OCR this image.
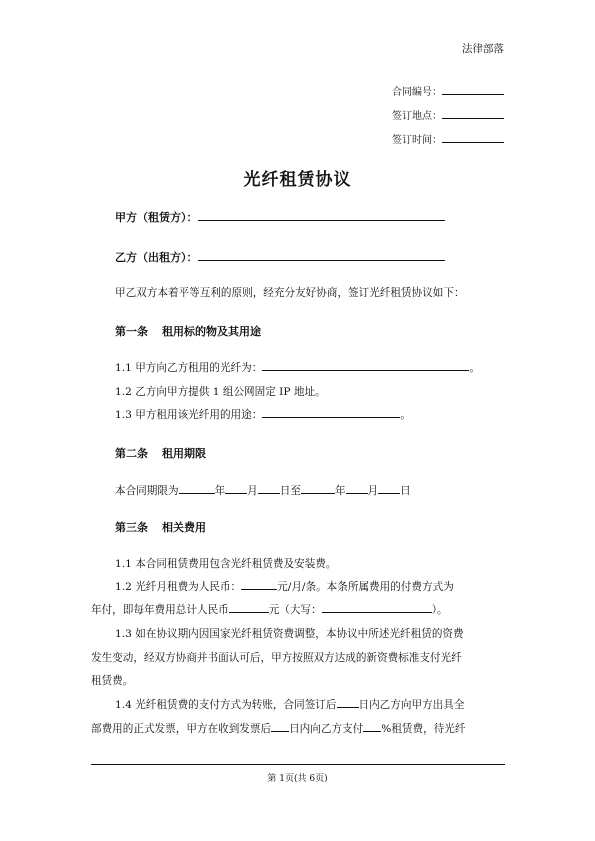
法律部落
合同编号：
签订地点：
签订时间：
光纤租赁协议
甲方（租赁方）：
乙方（出租方）：
甲乙双方本着平等互利的原则，经充分友好协商，签订光纤租赁协议如下：
第一条 租用标的物及其用途
1.1 甲方向乙方租用的光纤为：	。
1.2 乙方向甲方提供 1 组公网固定 IP 地址。
1.3 甲方租用该光纤用的用途：	。
第二条 租用期限
本合同期限为	年 月 日至	年 月 日
第三条 相关费用
1.1 本合同租赁费用包含光纤租赁费及安装费。
1.2 光纤月租费为人民币：	元/月/条。本条所属费用的付费方式为
年付，即每年费用总计人民币	元（大写：	）。
1.3 如在协议期内因国家光纤租赁资费调整，本协议中所述光纤租赁的资费
发生变动，经双方协商并书面认可后，甲方按照双方达成的新资费标准支付光纤
租赁费。
1.4 光纤租赁费的支付方式为转账，合同签订后 日内乙方向甲方出具全
部费用的正式发票，甲方在收到发票后 日内向乙方支付 %租赁费，待光纤
第 1页(共 6页)
